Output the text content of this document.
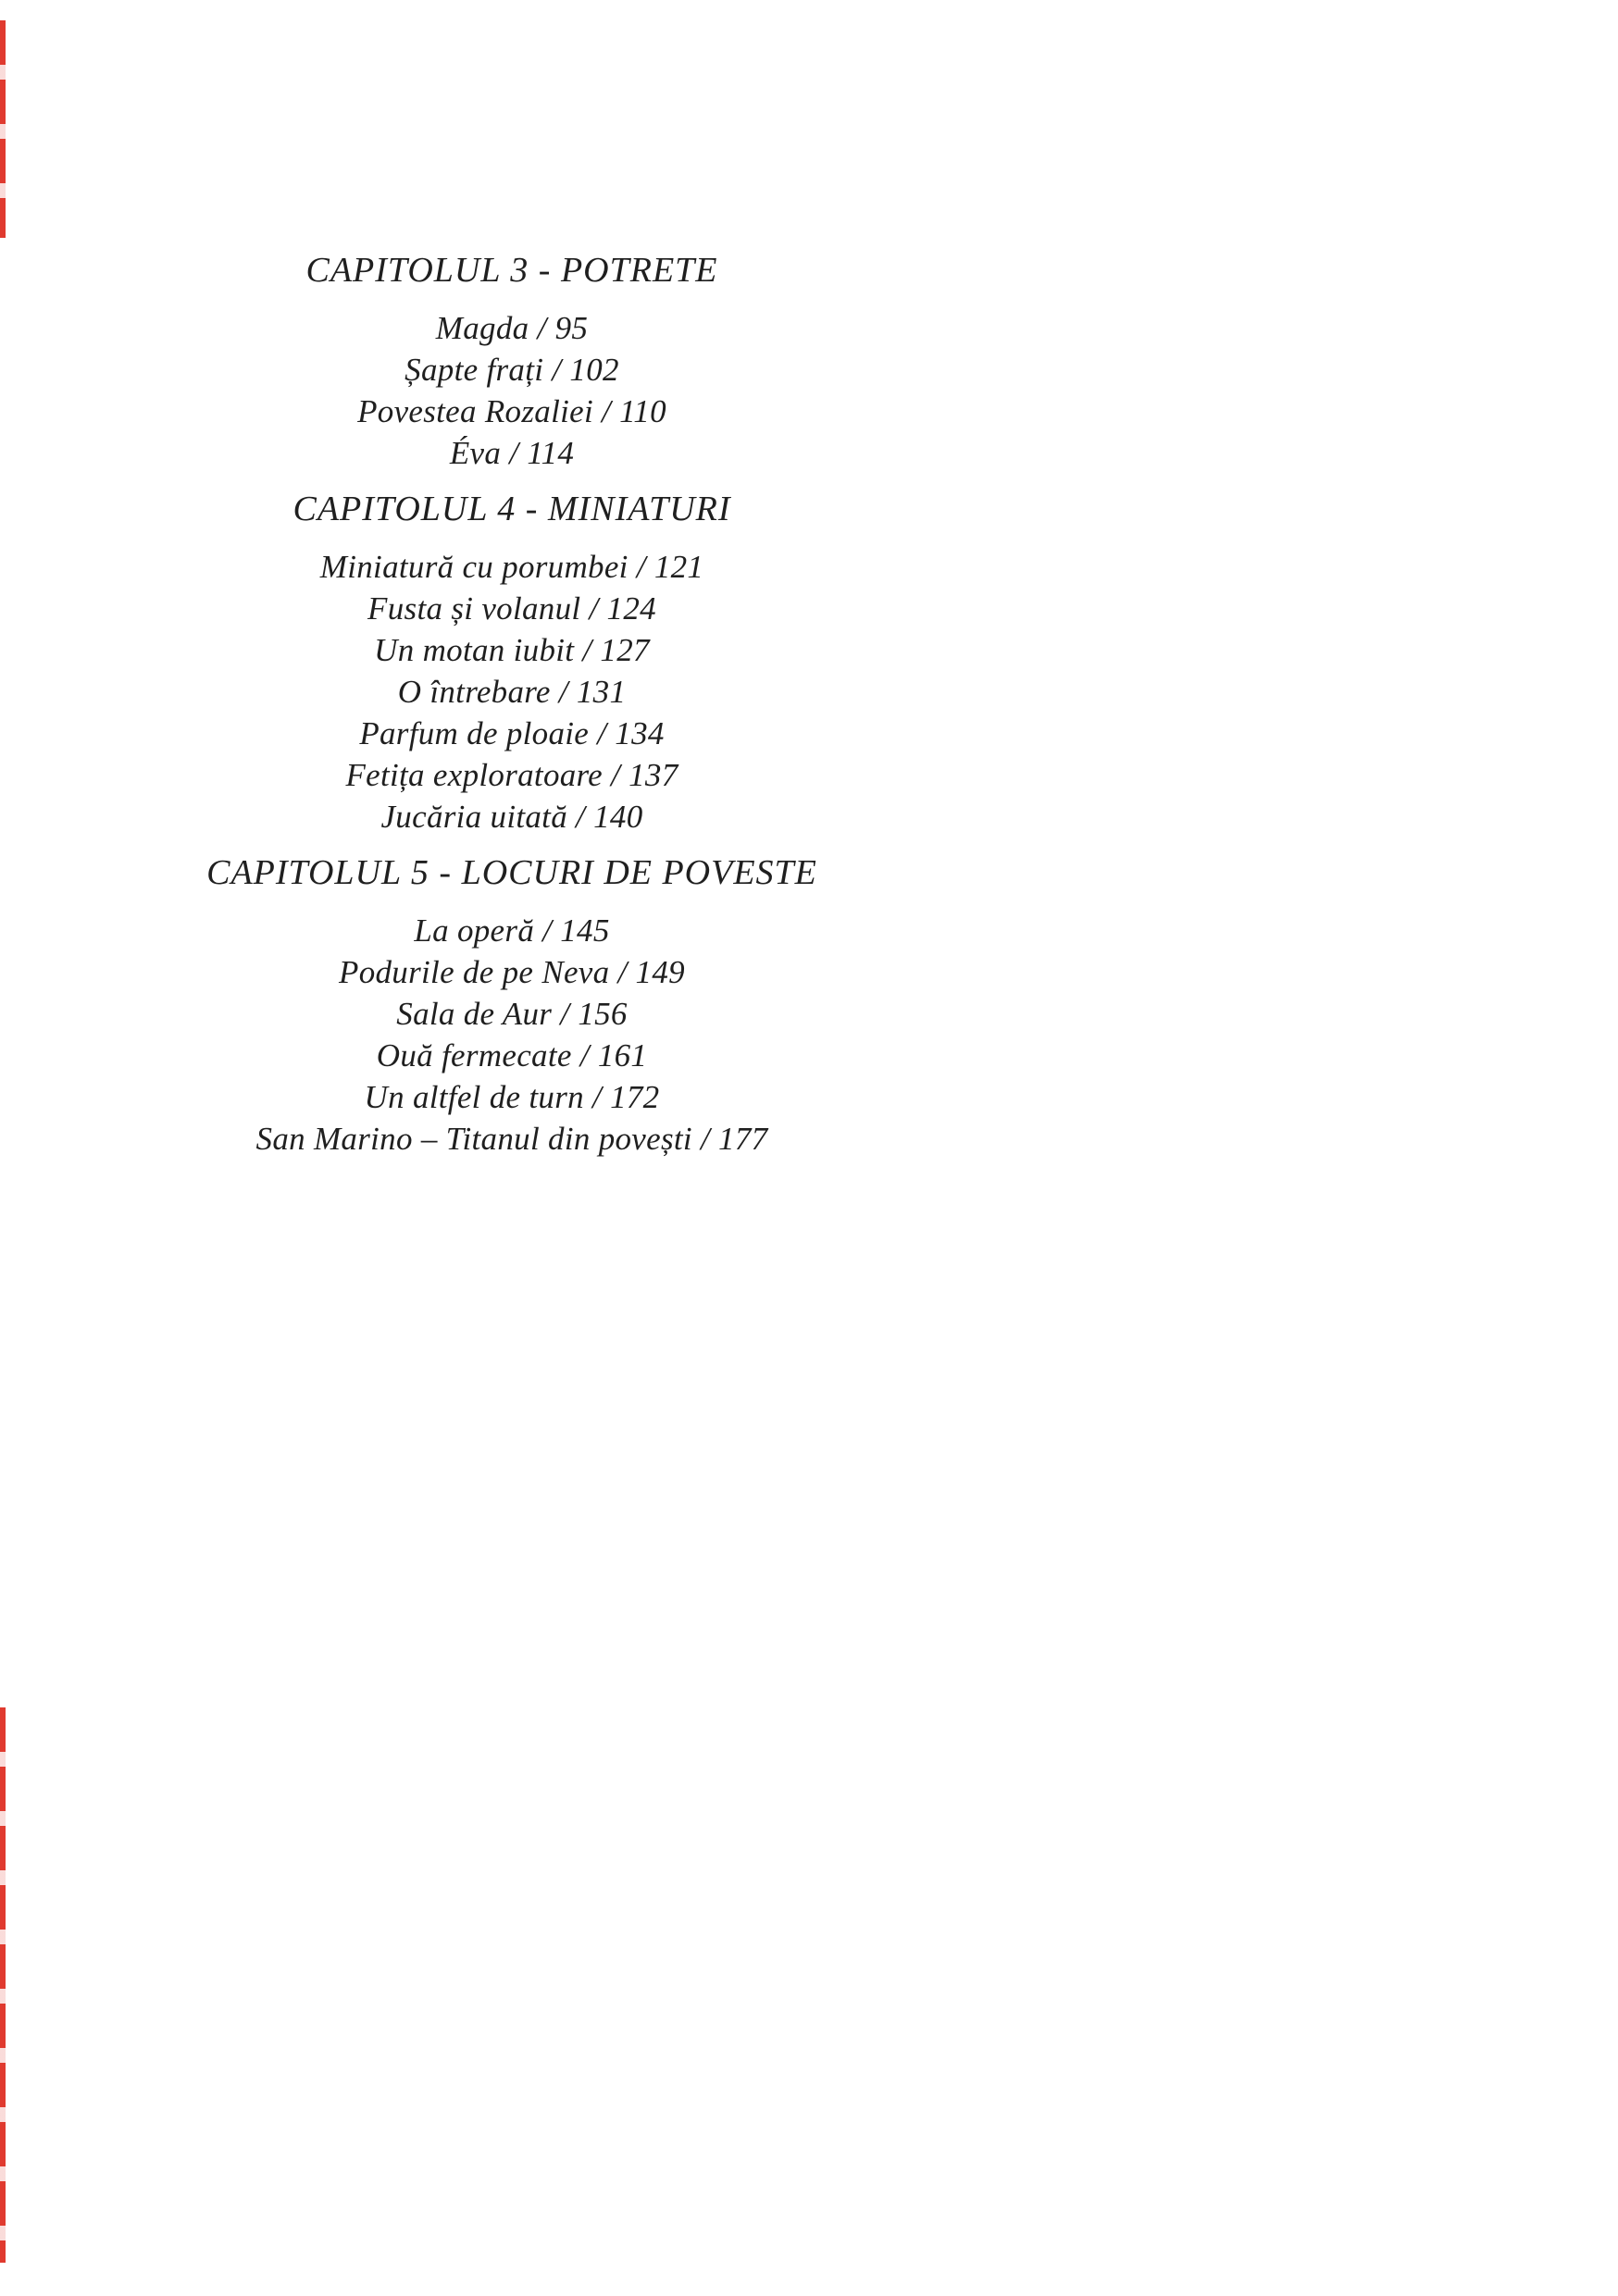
CAPITOLUL 3 - POTRETE
Magda / 95
Șapte frați / 102
Povestea Rozaliei / 110
Éva / 114
CAPITOLUL 4 - MINIATURI
Miniatură cu porumbei / 121
Fusta și volanul / 124
Un motan iubit / 127
O întrebare / 131
Parfum de ploaie / 134
Fetița exploratoare / 137
Jucăria uitată / 140
CAPITOLUL 5 - LOCURI DE POVESTE
La operă / 145
Podurile de pe Neva / 149
Sala de Aur / 156
Ouă fermecate / 161
Un altfel de turn / 172
San Marino – Titanul din povești / 177
